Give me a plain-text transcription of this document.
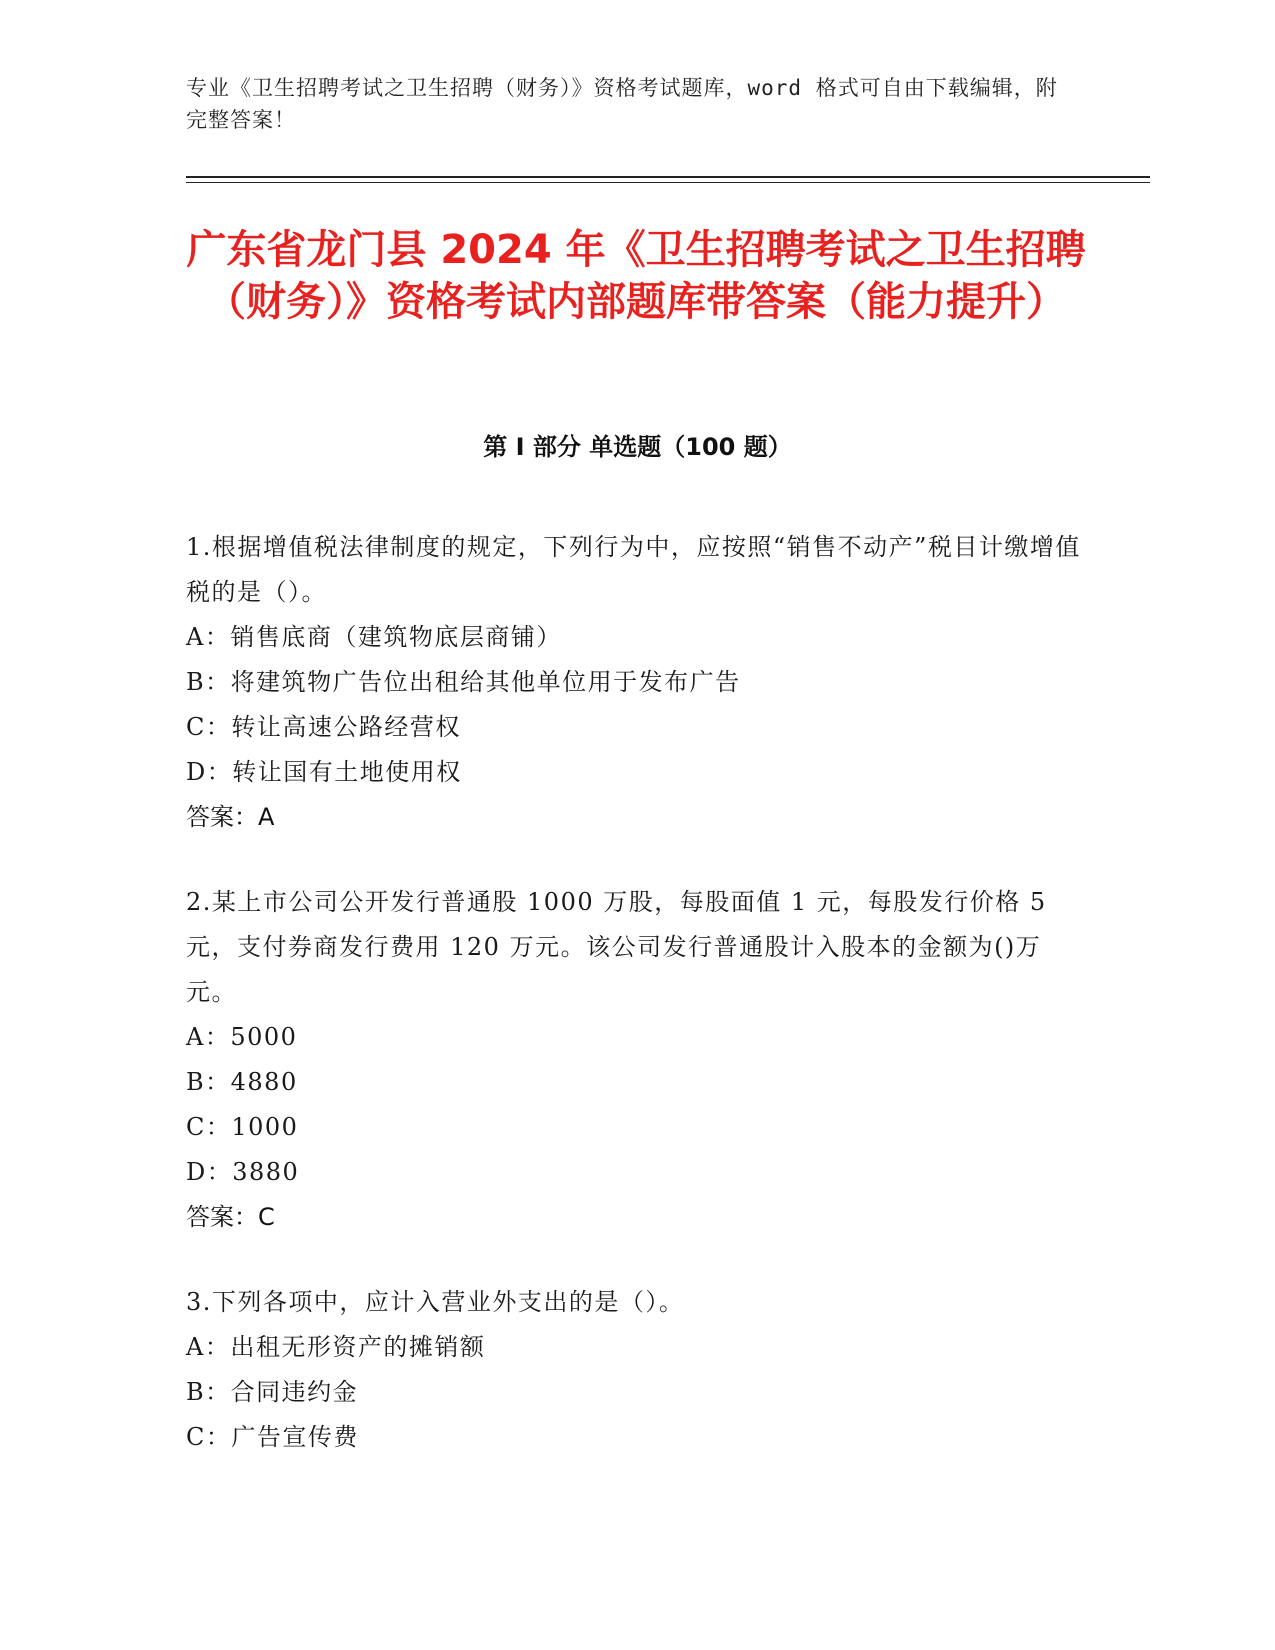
专业《卫生招聘考试之卫生招聘（财务）》资格考试题库，word 格式可自由下载编辑，附完整答案！
广东省龙门县 2024 年《卫生招聘考试之卫生招聘（财务）》资格考试内部题库带答案（能力提升）
第 I 部分 单选题（100 题）

1.根据增值税法律制度的规定，下列行为中，应按照“销售不动产”税目计缴增值税的是（）。

A：销售底商（建筑物底层商铺）

B：将建筑物广告位出租给其他单位用于发布广告

C：转让高速公路经营权

D：转让国有土地使用权

答案：A

2.某上市公司公开发行普通股 1000 万股，每股面值 1 元，每股发行价格 5 元，支付券商发行费用 120 万元。该公司发行普通股计入股本的金额为()万元。

A：5000

B：4880

C：1000

D：3880

答案：C

3.下列各项中，应计入营业外支出的是（）。

A：出租无形资产的摊销额

B：合同违约金

C：广告宣传费
